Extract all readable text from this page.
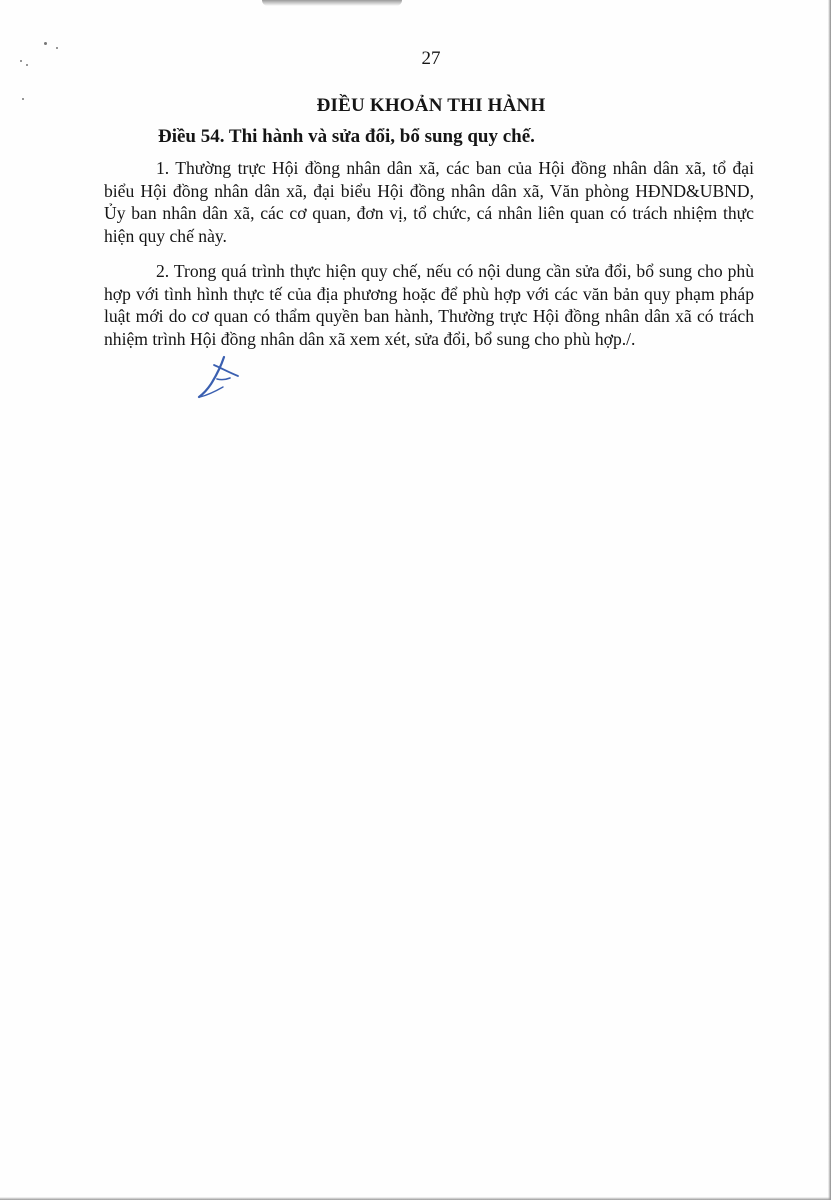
27
ĐIỀU KHOẢN THI HÀNH
Điều 54. Thi hành và sửa đổi, bổ sung quy chế.

1. Thường trực Hội đồng nhân dân xã, các ban của Hội đồng nhân dân xã, tổ đại biểu Hội đồng nhân dân xã, đại biểu Hội đồng nhân dân xã, Văn phòng HĐND&UBND, Ủy ban nhân dân xã, các cơ quan, đơn vị, tổ chức, cá nhân liên quan có trách nhiệm thực hiện quy chế này.

2. Trong quá trình thực hiện quy chế, nếu có nội dung cần sửa đổi, bổ sung cho phù hợp với tình hình thực tế của địa phương hoặc để phù hợp với các văn bản quy phạm pháp luật mới do cơ quan có thẩm quyền ban hành, Thường trực Hội đồng nhân dân xã có trách nhiệm trình Hội đồng nhân dân xã xem xét, sửa đổi, bổ sung cho phù hợp./.
